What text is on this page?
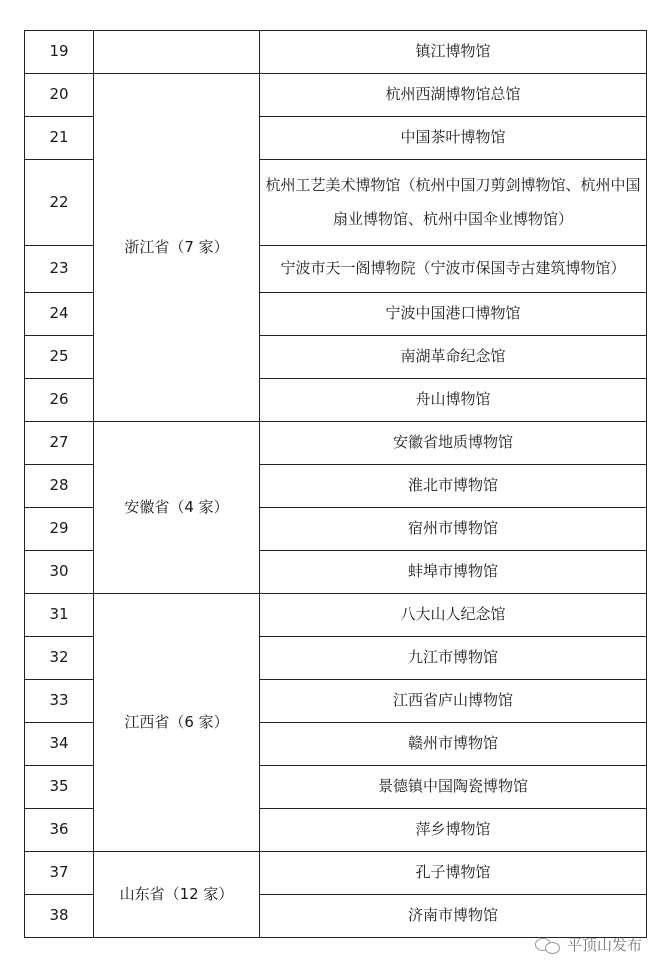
19		镇江博物馆
20	浙江省（7 家）	杭州西湖博物馆总馆
21		中国茶叶博物馆
22		杭州工艺美术博物馆（杭州中国刀剪剑博物馆、杭州中国扇业博物馆、杭州中国伞业博物馆）
23		宁波市天一阁博物院（宁波市保国寺古建筑博物馆）
24		宁波中国港口博物馆
25		南湖革命纪念馆
26		舟山博物馆
27	安徽省（4 家）	安徽省地质博物馆
28		淮北市博物馆
29		宿州市博物馆
30		蚌埠市博物馆
31	江西省（6 家）	八大山人纪念馆
32		九江市博物馆
33		江西省庐山博物馆
34		赣州市博物馆
35		景德镇中国陶瓷博物馆
36		萍乡博物馆
37	山东省（12 家）	孔子博物馆
38		济南市博物馆
平顶山发布
